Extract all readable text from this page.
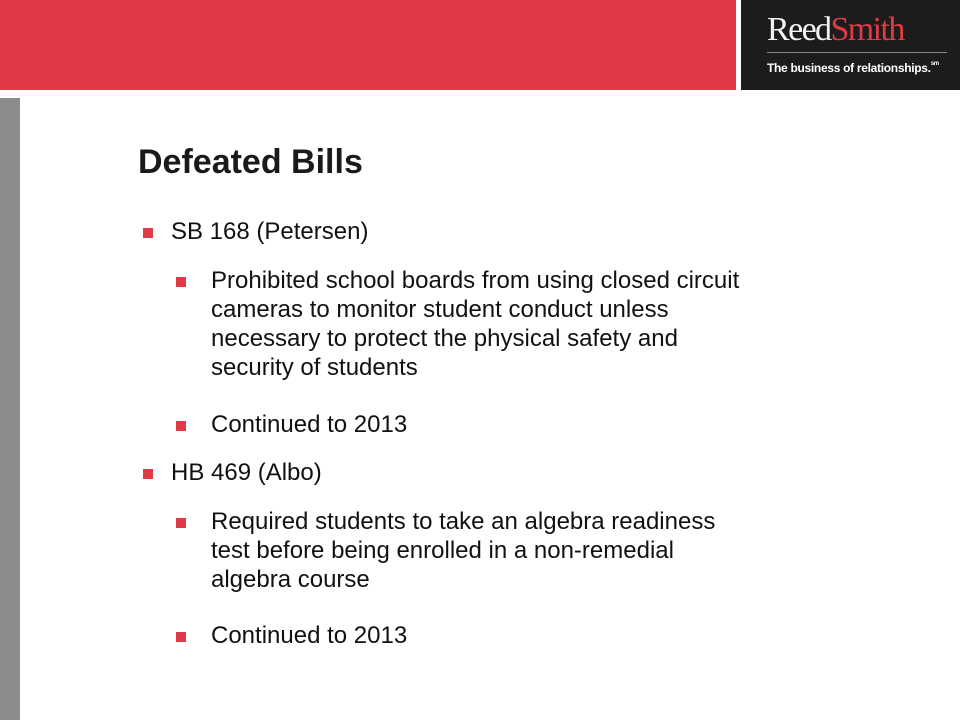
ReedSmith
The business of relationships.$^{sm}$
Defeated Bills
SB 168 (Petersen)
Prohibited school boards from using closed circuit
cameras to monitor student conduct unless
necessary to protect the physical safety and
security of students
Continued to 2013
HB 469 (Albo)
Required students to take an algebra readiness
test before being enrolled in a non-remedial
algebra course
Continued to 2013
